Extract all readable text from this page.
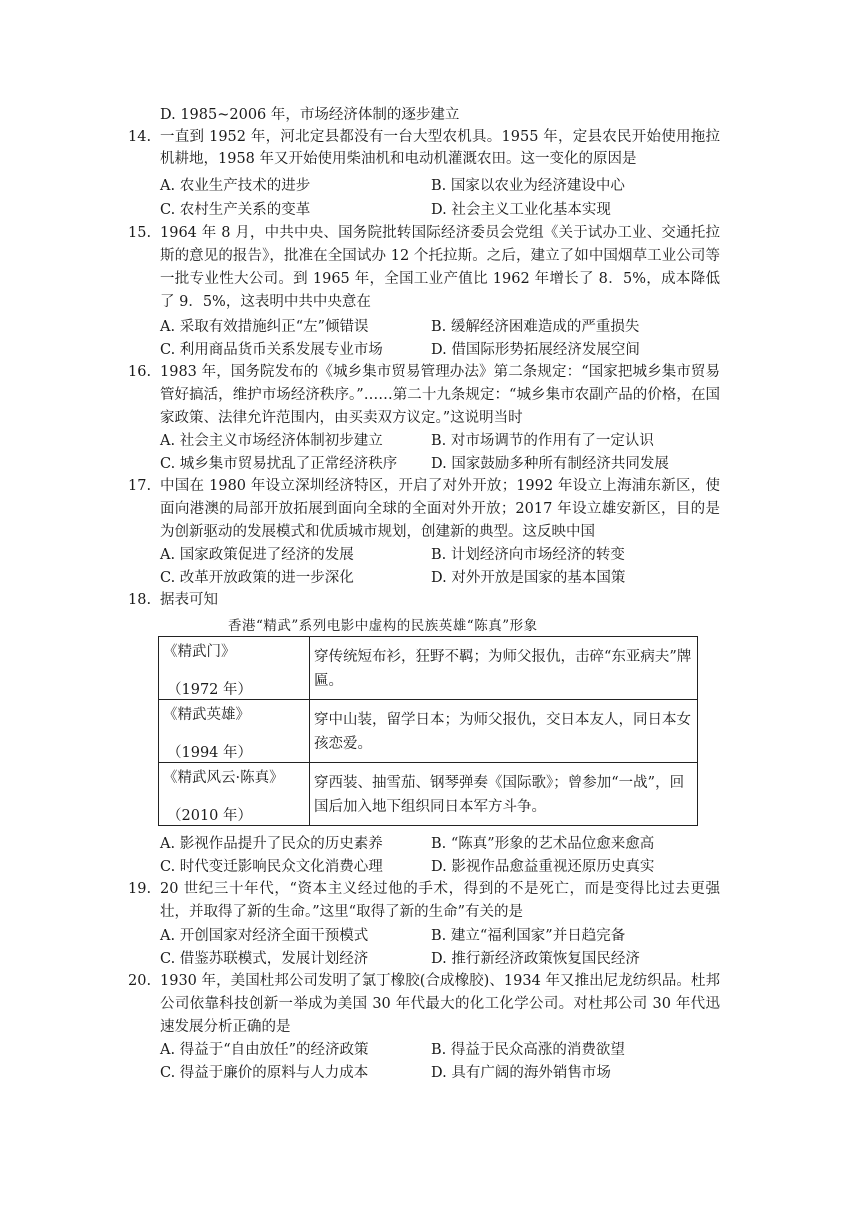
D. 1985~2006 年，市场经济体制的逐步建立
14. 一直到 1952 年，河北定县都没有一台大型农机具。1955 年，定县农民开始使用拖拉机耕地，1958 年又开始使用柴油机和电动机灌溉农田。这一变化的原因是
A. 农业生产技术的进步	B. 国家以农业为经济建设中心
C. 农村生产关系的变革	D. 社会主义工业化基本实现
15. 1964 年 8 月，中共中央、国务院批转国际经济委员会党组《关于试办工业、交通托拉斯的意见的报告》，批准在全国试办 12 个托拉斯。之后，建立了如中国烟草工业公司等一批专业性大公司。到 1965 年，全国工业产值比 1962 年增长了 8．5%，成本降低了 9．5%，这表明中共中央意在
A. 采取有效措施纠正“左”倾错误	B. 缓解经济困难造成的严重损失
C. 利用商品货币关系发展专业市场	D. 借国际形势拓展经济发展空间
16. 1983 年，国务院发布的《城乡集市贸易管理办法》第二条规定：“国家把城乡集市贸易管好搞活，维护市场经济秩序。”……第二十九条规定：“城乡集市农副产品的价格，在国家政策、法律允许范围内，由买卖双方议定。”这说明当时
A. 社会主义市场经济体制初步建立	B. 对市场调节的作用有了一定认识
C. 城乡集市贸易扰乱了正常经济秩序 D. 国家鼓励多种所有制经济共同发展
17. 中国在 1980 年设立深圳经济特区，开启了对外开放；1992 年设立上海浦东新区，使面向港澳的局部开放拓展到面向全球的全面对外开放；2017 年设立雄安新区，目的是为创新驱动的发展模式和优质城市规划，创建新的典型。这反映中国
A. 国家政策促进了经济的发展	B. 计划经济向市场经济的转变
C. 改革开放政策的进一步深化	D. 对外开放是国家的基本国策
18. 据表可知
香港“精武”系列电影中虚构的民族英雄“陈真”形象
《精武门》
（1972 年）	穿传统短布衫，狂野不羁；为师父报仇，击碎“东亚病夫”牌匾。

《精武英雄》
（1994 年）	穿中山装，留学日本；为师父报仇，交日本友人，同日本女孩恋爱。

《精武风云·陈真》
（2010 年）	穿西装、抽雪茄、钢琴弹奏《国际歌》；曾参加“一战”，回国后加入地下组织同日本军方斗争。
A. 影视作品提升了民众的历史素养	B. “陈真”形象的艺术品位愈来愈高
C. 时代变迁影响民众文化消费心理	D. 影视作品愈益重视还原历史真实
19. 20 世纪三十年代，“资本主义经过他的手术，得到的不是死亡，而是变得比过去更强壮，并取得了新的生命。”这里“取得了新的生命”有关的是
A. 开创国家对经济全面干预模式	B. 建立“福利国家”并日趋完备
C. 借鉴苏联模式，发展计划经济	D. 推行新经济政策恢复国民经济
20. 1930 年，美国杜邦公司发明了氯丁橡胶(合成橡胶)、1934 年又推出尼龙纺织品。杜邦公司依靠科技创新一举成为美国 30 年代最大的化工化学公司。对杜邦公司 30 年代迅速发展分析正确的是
A. 得益于“自由放任”的经济政策	B. 得益于民众高涨的消费欲望
C. 得益于廉价的原料与人力成本	D. 具有广阔的海外销售市场
